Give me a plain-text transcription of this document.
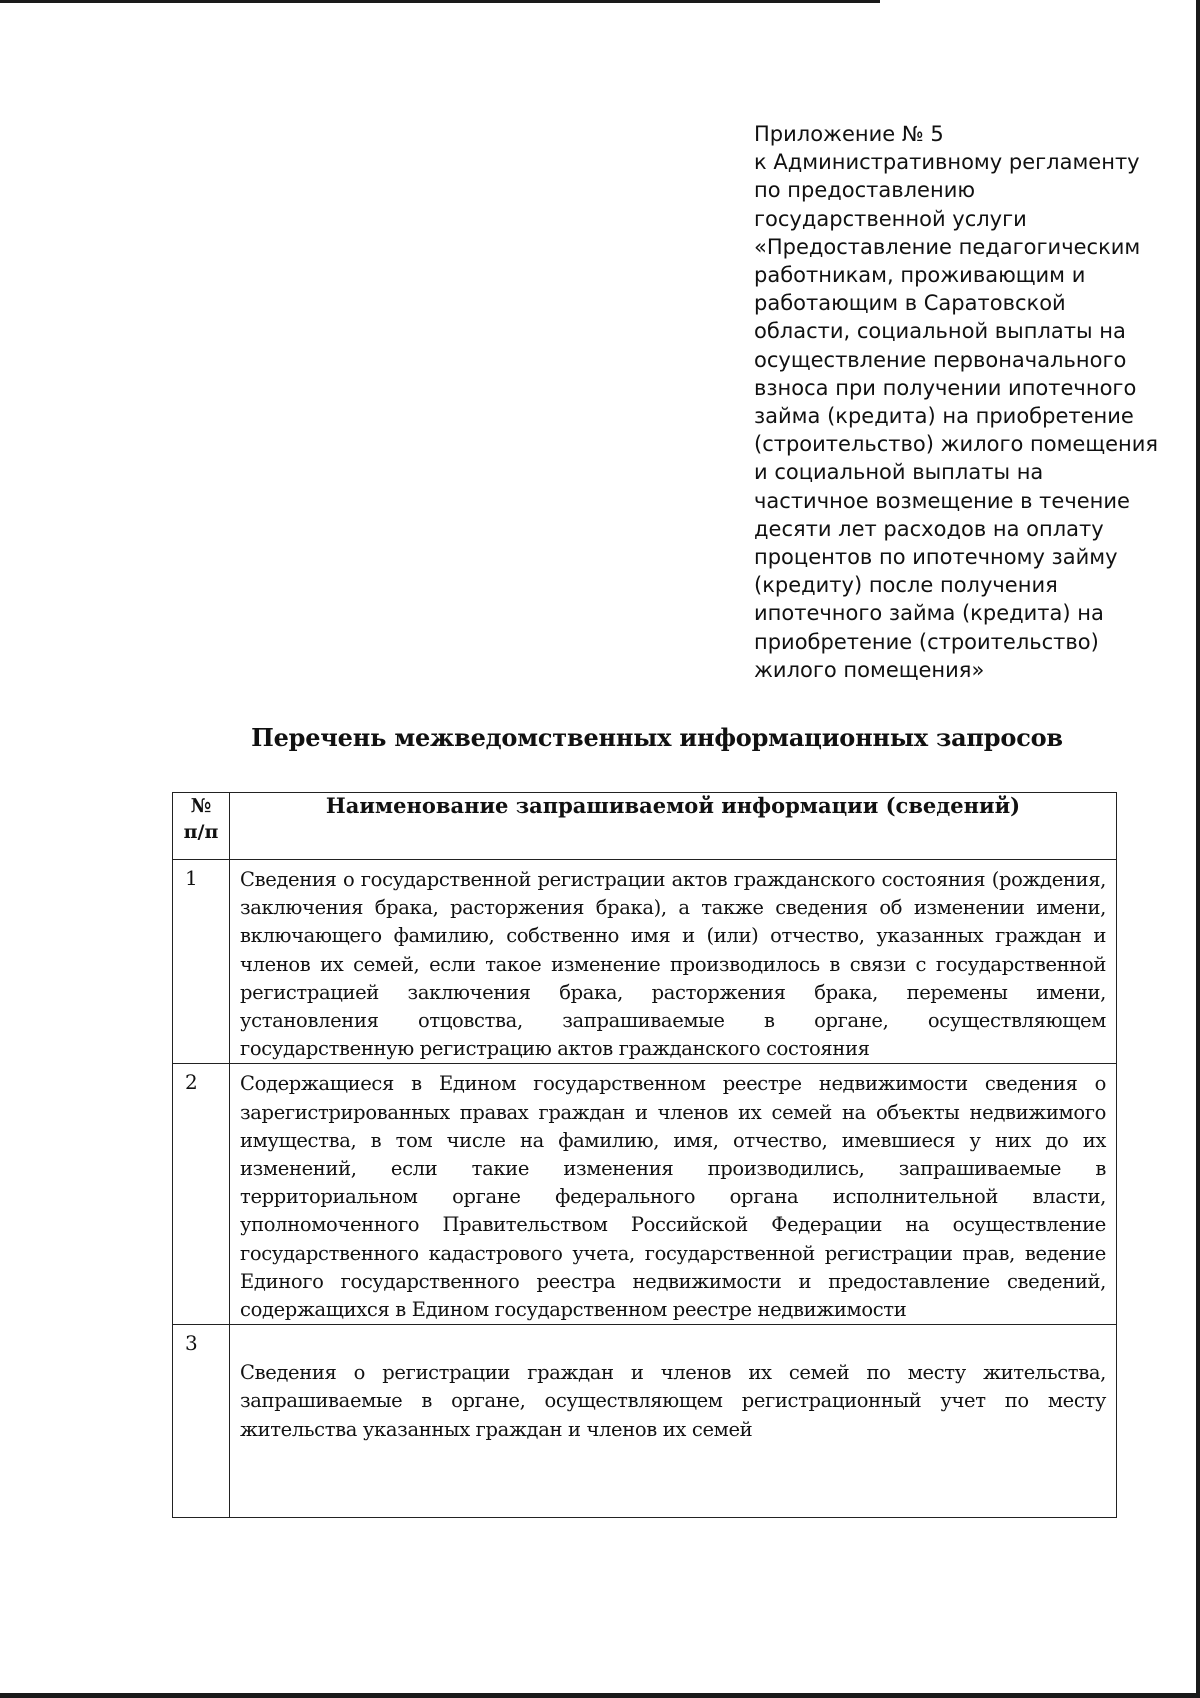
Приложение № 5
к Административному регламенту
по предоставлению
государственной услуги
«Предоставление педагогическим
работникам, проживающим и
работающим в Саратовской
области, социальной выплаты на
осуществление первоначального
взноса при получении ипотечного
займа (кредита) на приобретение
(строительство) жилого помещения
и социальной выплаты на
частичное возмещение в течение
десяти лет расходов на оплату
процентов по ипотечному займу
(кредиту) после получения
ипотечного займа (кредита) на
приобретение (строительство)
жилого помещения»
Перечень межведомственных информационных запросов
№
п/п	Наименование запрашиваемой информации (сведений)
1	Сведения о государственной регистрации актов гражданского состояния (рождения, заключения брака, расторжения брака), а также сведения об изменении имени, включающего фамилию, собственно имя и (или) отчество, указанных граждан и членов их семей, если такое изменение производилось в связи с государственной регистрацией заключения брака, расторжения брака, перемены имени, установления отцовства, запрашиваемые в органе, осуществляющем государственную регистрацию актов гражданского состояния

2	Содержащиеся в Едином государственном реестре недвижимости сведения о зарегистрированных правах граждан и членов их семей на объекты недвижимого имущества, в том числе на фамилию, имя, отчество, имевшиеся у них до их изменений, если такие изменения производились, запрашиваемые в территориальном органе федерального органа исполнительной власти, уполномоченного Правительством Российской Федерации на осуществление государственного кадастрового учета, государственной регистрации прав, ведение Единого государственного реестра недвижимости и предоставление сведений, содержащихся в Едином государственном реестре недвижимости

3	Сведения о регистрации граждан и членов их семей по месту жительства, запрашиваемые в органе, осуществляющем регистрационный учет по месту жительства указанных граждан и членов их семей
